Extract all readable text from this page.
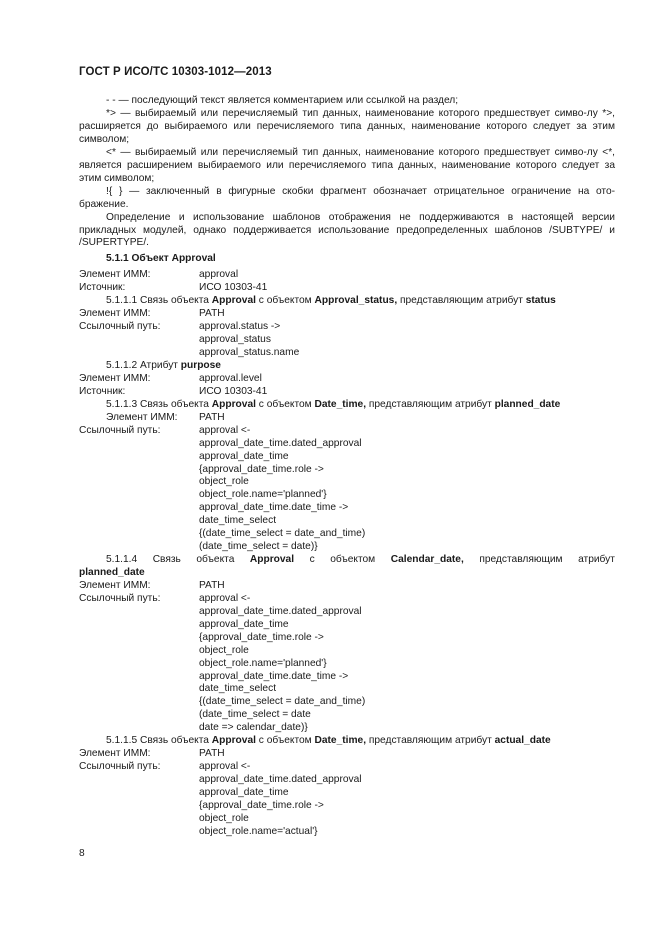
ГОСТ Р ИСО/ТС 10303-1012—2013

- - — последующий текст является комментарием или ссылкой на раздел;

*> — выбираемый или перечисляемый тип данных, наименование которого предшествует симво-лу *>, расширяется до выбираемого или перечисляемого типа данных, наименование которого следует за этим символом;

<* — выбираемый или перечисляемый тип данных, наименование которого предшествует симво-лу <*, является расширением выбираемого или перечисляемого типа данных, наименование которого следует за этим символом;

!{ } — заключенный в фигурные скобки фрагмент обозначает отрицательное ограничение на ото-бражение.

Определение и использование шаблонов отображения не поддерживаются в настоящей версии прикладных модулей, однако поддерживается использование предопределенных шаблонов /SUBTYPE/ и /SUPERTYPE/.

5.1.1 Объект Approval
Элемент ИММ:	approval
Источник:	ИСО 10303-41
5.1.1.1 Связь объекта Approval с объектом Approval_status, представляющим атрибут status
Элемент ИММ:	PATH
Ссылочный путь:	approval.status ->
approval_status
approval_status.name
5.1.1.2 Атрибут purpose
Элемент ИММ:	approval.level
Источник:	ИСО 10303-41
5.1.1.3 Связь объекта Approval с объектом Date_time, представляющим атрибут planned_date
Элемент ИММ: PATH
Ссылочный путь:	approval <-
approval_date_time.dated_approval
approval_date_time
{approval_date_time.role ->
object_role
object_role.name='planned'}
approval_date_time.date_time ->
date_time_select
{(date_time_select = date_and_time)
(date_time_select = date)}
5.1.1.4 Связь объекта Approval с объектом Calendar_date, представляющим атрибут
planned_date
Элемент ИММ:	PATH
Ссылочный путь:	approval <-
approval_date_time.dated_approval
approval_date_time
{approval_date_time.role ->
object_role
object_role.name='planned'}
approval_date_time.date_time ->
date_time_select
{(date_time_select = date_and_time)
(date_time_select = date
date => calendar_date)}
5.1.1.5 Связь объекта Approval с объектом Date_time, представляющим атрибут actual_date
Элемент ИММ:	PATH
Ссылочный путь:	approval <-
approval_date_time.dated_approval
approval_date_time
{approval_date_time.role ->
object_role
object_role.name='actual'}
8
